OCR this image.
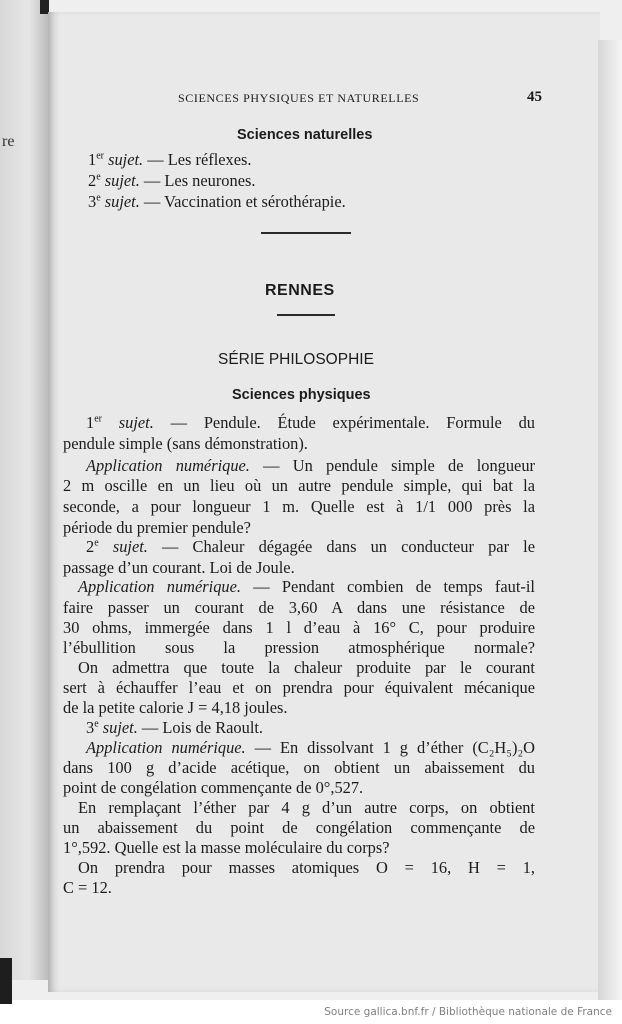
re
SCIENCES PHYSIQUES ET NATURELLES	45
Sciences naturelles
1er sujet. — Les réflexes.
2e sujet. — Les neurones.
3e sujet. — Vaccination et sérothérapie.
RENNES
SÉRIE PHILOSOPHIE
Sciences physiques
1er sujet. — Pendule. Étude expérimentale. Formule du
pendule simple (sans démonstration).
Application numérique. — Un pendule simple de longueur
2 m oscille en un lieu où un autre pendule simple, qui bat la
seconde, a pour longueur 1 m. Quelle est à 1/1 000 près la
période du premier pendule?
2e sujet. — Chaleur dégagée dans un conducteur par le
passage d’un courant. Loi de Joule.
Application numérique. — Pendant combien de temps faut-il
faire passer un courant de 3,60 A dans une résistance de
30 ohms, immergée dans 1 l d’eau à 16° C, pour produire
l’ébullition sous la pression atmosphérique normale?
On admettra que toute la chaleur produite par le courant
sert à échauffer l’eau et on prendra pour équivalent mécanique
de la petite calorie J = 4,18 joules.
3e sujet. — Lois de Raoult.
Application numérique. — En dissolvant 1 g d’éther (C₂H₅)₂O
dans 100 g d’acide acétique, on obtient un abaissement du
point de congélation commençante de 0°,527.
En remplaçant l’éther par 4 g d’un autre corps, on obtient
un abaissement du point de congélation commençante de
1°,592. Quelle est la masse moléculaire du corps?
On prendra pour masses atomiques O = 16, H = 1,
C = 12.
Source gallica.bnf.fr / Bibliothèque nationale de France
